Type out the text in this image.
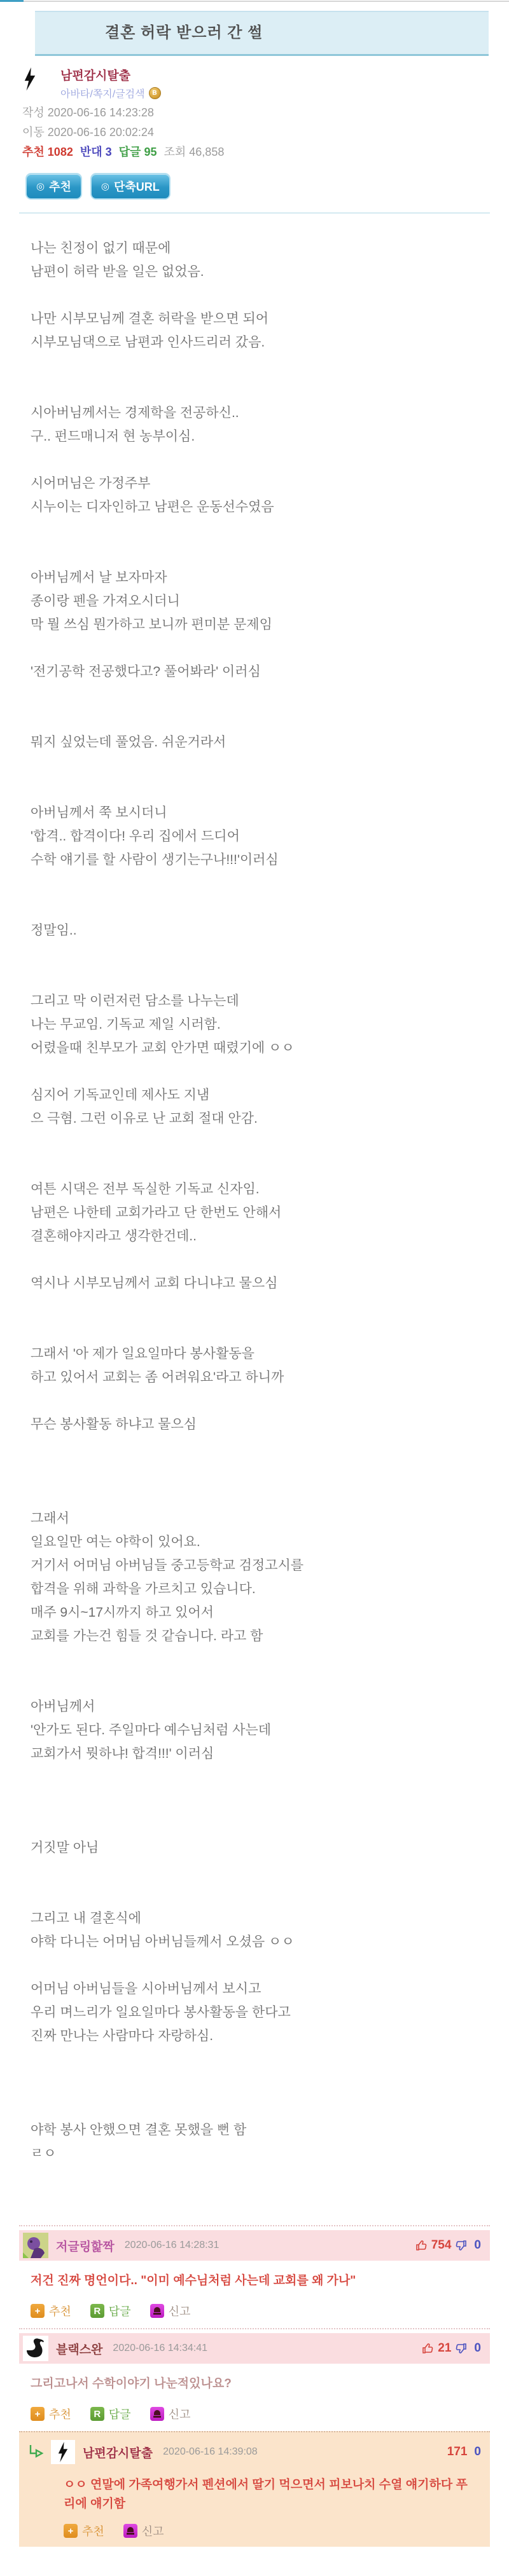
결혼 허락 받으러 간 썰
남편감시탈출
아바타/쪽지/글검색	B
작성 2020-06-16 14:23:28
이동 2020-06-16 20:02:24
추천 1082 반대 3 답글 95 조회 46,858
◎ 추천	◎ 단축URL

나는 친정이 없기 때문에
남편이 허락 받을 일은 없었음.

나만 시부모님께 결혼 허락을 받으면 되어
시부모님댁으로 남편과 인사드리러 갔음.

시아버님께서는 경제학을 전공하신..
구.. 펀드매니저 현 농부이심.

시어머님은 가정주부
시누이는 디자인하고 남편은 운동선수였음

아버님께서 날 보자마자
종이랑 펜을 가져오시더니
막 뭘 쓰심 뭔가하고 보니까 편미분 문제임

'전기공학 전공했다고? 풀어봐라' 이러심

뭐지 싶었는데 풀었음. 쉬운거라서

아버님께서 쭉 보시더니
'합격.. 합격이다! 우리 집에서 드디어
수학 얘기를 할 사람이 생기는구나!!!'이러심

정말임..

그리고 막 이런저런 담소를 나누는데
나는 무교임. 기독교 제일 시러함.
어렸을때 친부모가 교회 안가면 때렸기에 ㅇㅇ

심지어 기독교인데 제사도 지냄
으 극혐. 그런 이유로 난 교회 절대 안감.

여튼 시댁은 전부 독실한 기독교 신자임.
남편은 나한테 교회가라고 단 한번도 안해서
결혼해야지라고 생각한건데..

역시나 시부모님께서 교회 다니냐고 물으심

그래서 '아 제가 일요일마다 봉사활동을
하고 있어서 교회는 좀 어려워요'라고 하니까

무슨 봉사활동 하냐고 물으심

그래서
일요일만 여는 야학이 있어요.
거기서 어머님 아버님들 중고등학교 검정고시를
합격을 위해 과학을 가르치고 있습니다.
매주 9시~17시까지 하고 있어서
교회를 가는건 힘들 것 같습니다. 라고 함

아버님께서
'안가도 된다. 주일마다 예수님처럼 사는데
교회가서 뭣하냐! 합격!!!' 이러심

거짓말 아님

그리고 내 결혼식에
야학 다니는 어머님 아버님들께서 오셨음 ㅇㅇ

어머님 아버님들을 시아버님께서 보시고
우리 며느리가 일요일마다 봉사활동을 한다고
진짜 만나는 사람마다 자랑하심.

야학 봉사 안했으면 결혼 못했을 뻔 함
ㄹㅇ

저글링핥짝 2020-06-16 14:28:31	754 0
저건 진짜 명언이다.. "이미 예수님처럼 사는데 교회를 왜 가나"
+ 추천	R 답글	신고
블랙스완 2020-06-16 14:34:41	21 0
그리고나서 수학이야기 나눈적있나요?
+ 추천	R 답글	신고
남편감시탈출 2020-06-16 14:39:08	171 0
ㅇㅇ 연말에 가족여행가서 펜션에서 딸기 먹으면서 피보나치 수열 얘기하다 푸리에 얘기함
+ 추천	신고
